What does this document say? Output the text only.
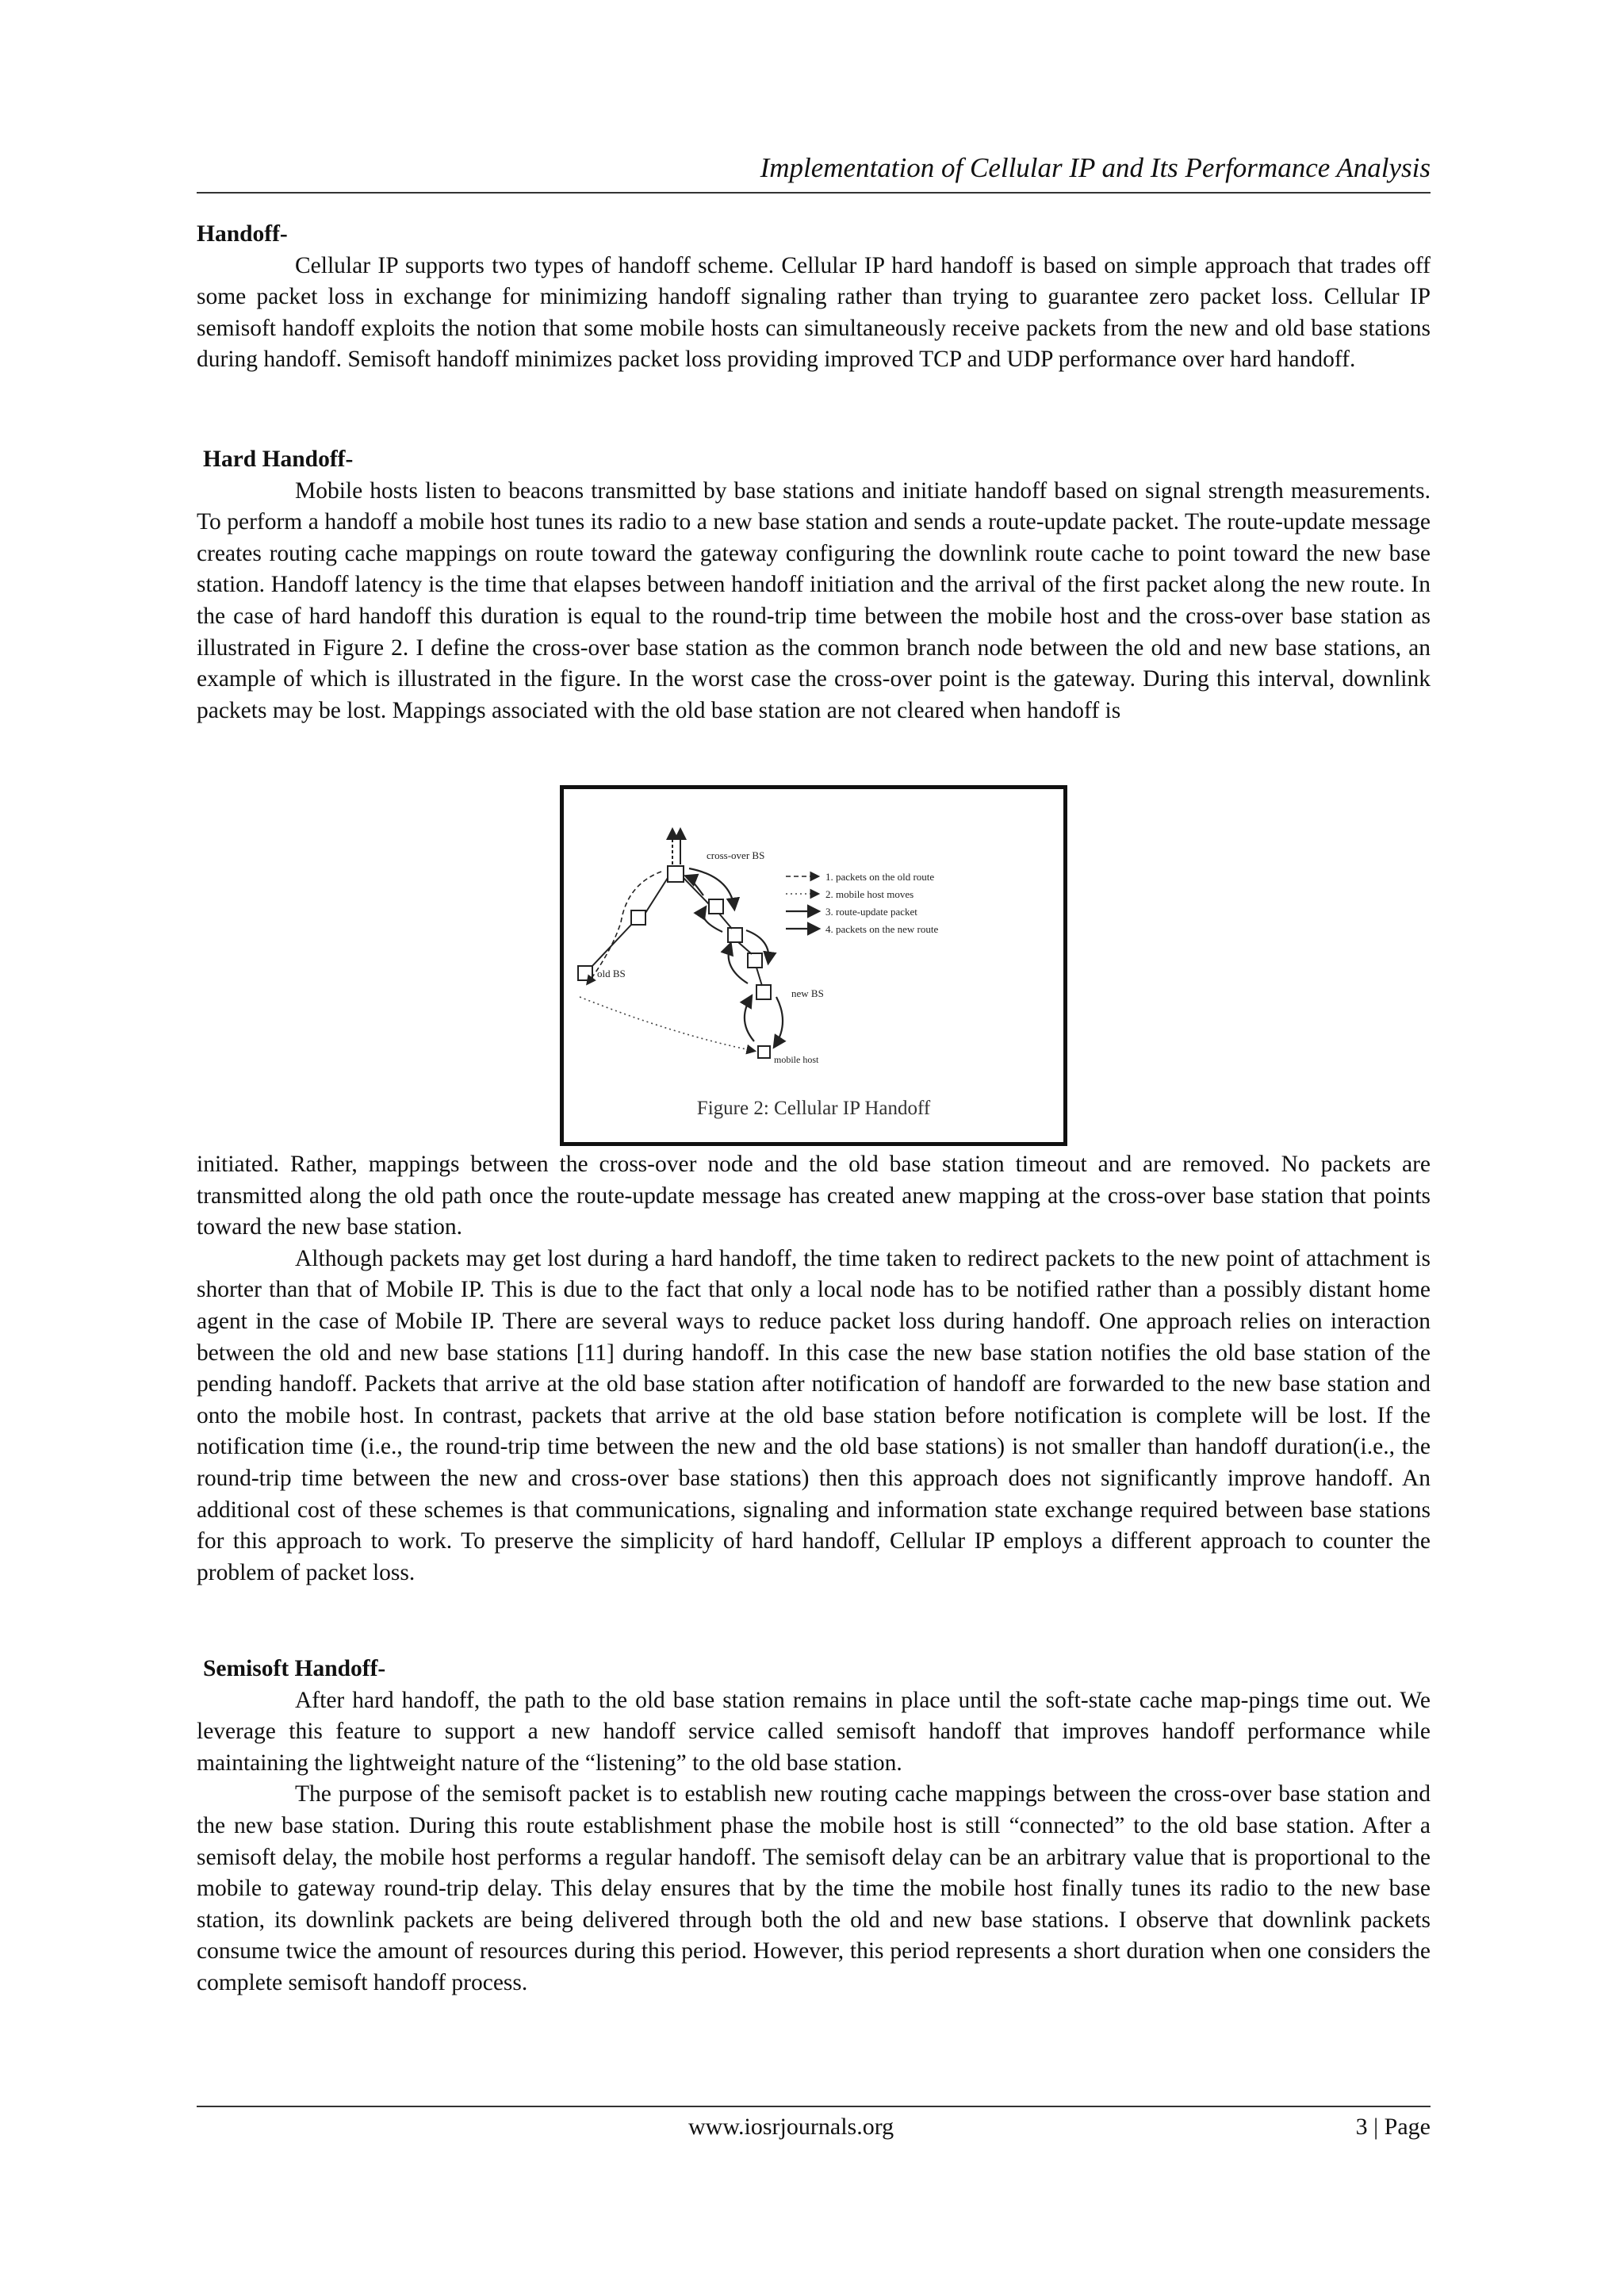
Implementation of Cellular IP and Its Performance Analysis
Handoff-

Cellular IP supports two types of handoff scheme. Cellular IP hard handoff is based on simple approach that trades off some packet loss in exchange for minimizing handoff signaling rather than trying to guarantee zero packet loss. Cellular IP semisoft handoff exploits the notion that some mobile hosts can simultaneously receive packets from the new and old base stations during handoff. Semisoft handoff minimizes packet loss providing improved TCP and UDP performance over hard handoff.

Hard Handoff-

Mobile hosts listen to beacons transmitted by base stations and initiate handoff based on signal strength measurements. To perform a handoff a mobile host tunes its radio to a new base station and sends a route-update packet. The route-update message creates routing cache mappings on route toward the gateway configuring the downlink route cache to point toward the new base station. Handoff latency is the time that elapses between handoff initiation and the arrival of the first packet along the new route. In the case of hard handoff this duration is equal to the round-trip time between the mobile host and the cross-over base station as illustrated in Figure 2. I define the cross-over base station as the common branch node between the old and new base stations, an example of which is illustrated in the figure. In the worst case the cross-over point is the gateway. During this interval, downlink packets may be lost. Mappings associated with the old base station are not cleared when handoff is

cross-over BS
old BS
new BS
mobile host
1. packets on the old route
2. mobile host moves
3. route-update packet
4. packets on the new route
Figure 2: Cellular IP Handoff

initiated. Rather, mappings between the cross-over node and the old base station timeout and are removed. No packets are transmitted along the old path once the route-update message has created anew mapping at the cross-over base station that points toward the new base station.

Although packets may get lost during a hard handoff, the time taken to redirect packets to the new point of attachment is shorter than that of Mobile IP. This is due to the fact that only a local node has to be notified rather than a possibly distant home agent in the case of Mobile IP. There are several ways to reduce packet loss during handoff. One approach relies on interaction between the old and new base stations [11] during handoff. In this case the new base station notifies the old base station of the pending handoff. Packets that arrive at the old base station after notification of handoff are forwarded to the new base station and onto the mobile host. In contrast, packets that arrive at the old base station before notification is complete will be lost. If the notification time (i.e., the round-trip time between the new and the old base stations) is not smaller than handoff duration(i.e., the round-trip time between the new and cross-over base stations) then this approach does not significantly improve handoff. An additional cost of these schemes is that communications, signaling and information state exchange required between base stations for this approach to work. To preserve the simplicity of hard handoff, Cellular IP employs a different approach to counter the problem of packet loss.

Semisoft Handoff-

After hard handoff, the path to the old base station remains in place until the soft-state cache map-pings time out. We leverage this feature to support a new handoff service called semisoft handoff that improves handoff performance while maintaining the lightweight nature of the “listening” to the old base station.

The purpose of the semisoft packet is to establish new routing cache mappings between the cross-over base station and the new base station. During this route establishment phase the mobile host is still “connected” to the old base station. After a semisoft delay, the mobile host performs a regular handoff. The semisoft delay can be an arbitrary value that is proportional to the mobile to gateway round-trip delay. This delay ensures that by the time the mobile host finally tunes its radio to the new base station, its downlink packets are being delivered through both the old and new base stations. I observe that downlink packets consume twice the amount of resources during this period. However, this period represents a short duration when one considers the complete semisoft handoff process.

www.iosrjournals.org	3 | Page
